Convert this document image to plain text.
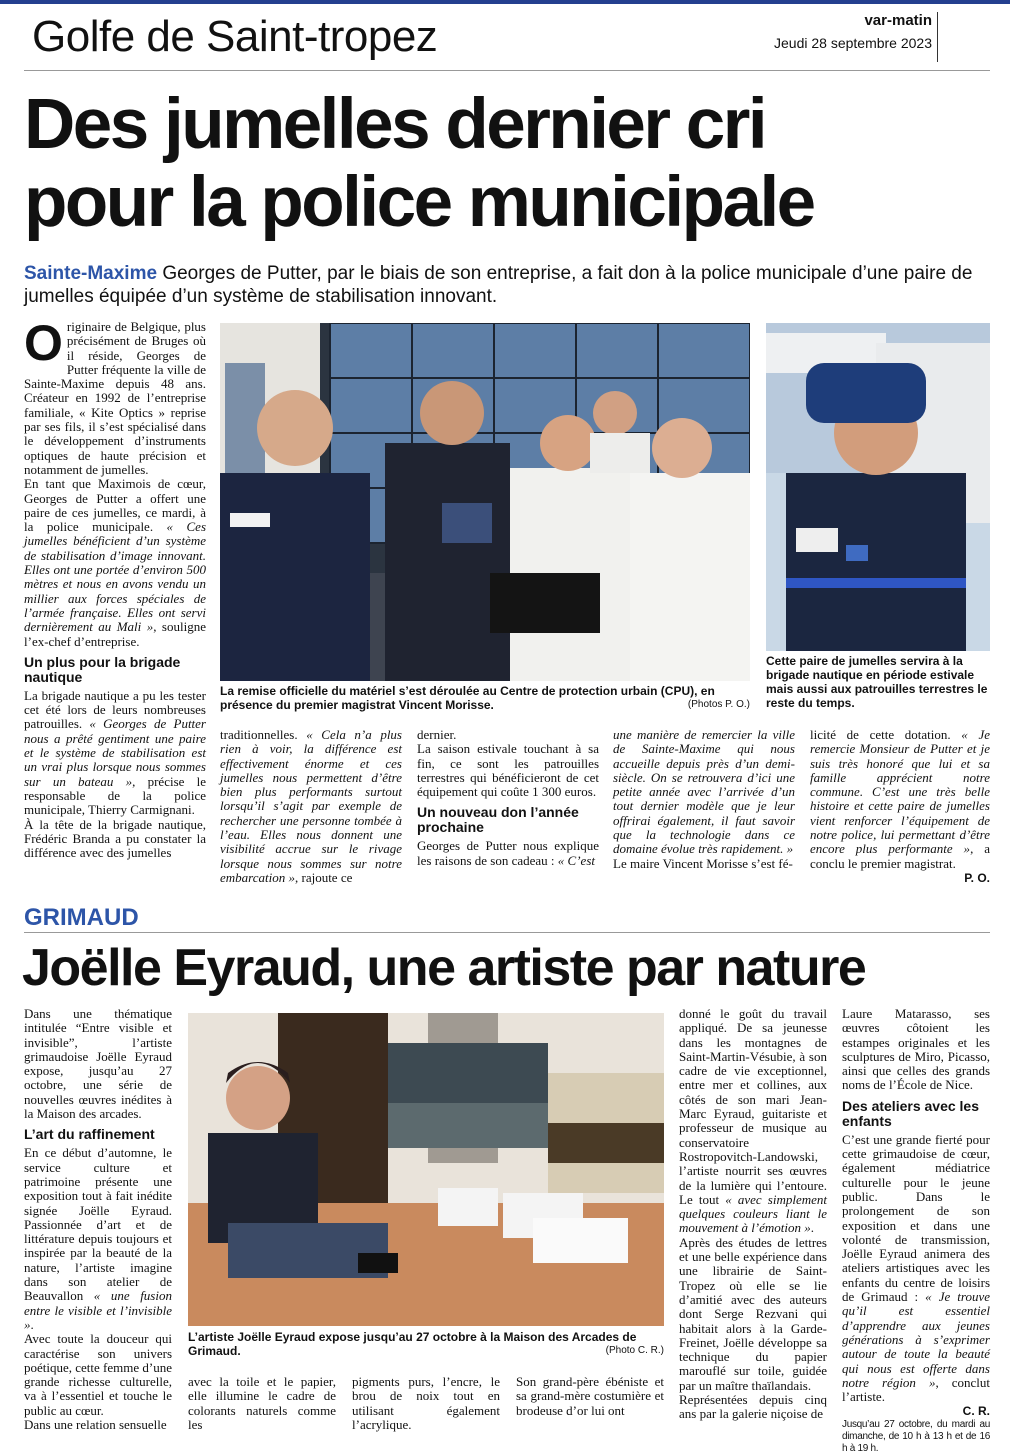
Golfe de Saint-tropez	var-matin
Jeudi 28 septembre 2023
Des jumelles dernier cri
pour la police municipale
Sainte-Maxime Georges de Putter, par le biais de son entreprise, a fait don à la police municipale d’une paire de jumelles équipée d’un système de stabilisation innovant.

Originaire de Belgique, plus précisément de Bruges où il réside, Georges de Putter fréquente la ville de Sainte-Maxime depuis 48 ans. Créateur en 1992 de l’entreprise familiale, « Kite Optics » reprise par ses fils, il s’est spécialisé dans le développement d’instruments optiques de haute précision et notamment de jumelles.

En tant que Maximois de cœur, Georges de Putter a offert une paire de ces jumelles, ce mardi, à la police municipale. « Ces jumelles bénéficient d’un système de stabilisation d’image innovant. Elles ont une portée d’environ 500 mètres et nous en avons vendu un millier aux forces spéciales de l’armée française. Elles ont servi dernièrement au Mali », souligne l’ex-chef d’entreprise.

Un plus pour la brigade nautique

La brigade nautique a pu les tester cet été lors de leurs nombreuses patrouilles. « Georges de Putter nous a prêté gentiment une paire et le système de stabilisation est un vrai plus lorsque nous sommes sur un bateau », précise le responsable de la police municipale, Thierry Carmignani.

À la tête de la brigade nautique, Frédéric Branda a pu constater la différence avec des jumelles

La remise officielle du matériel s’est déroulée au Centre de protection urbain (CPU), en présence du premier magistrat Vincent Morisse.	(Photos P. O.)
Cette paire de jumelles servira à la brigade nautique en période estivale mais aussi aux patrouilles terrestres le reste du temps.

traditionnelles. « Cela n’a plus rien à voir, la différence est effectivement énorme et ces jumelles nous permettent d’être bien plus performants surtout lorsqu’il s’agit par exemple de rechercher une personne tombée à l’eau. Elles nous donnent une visibilité accrue sur le rivage lorsque nous sommes sur notre embarcation », rajoute ce

dernier.

La saison estivale touchant à sa fin, ce sont les patrouilles terrestres qui bénéficieront de cet équipement qui coûte 1 300 euros.

Un nouveau don l’année prochaine

Georges de Putter nous explique les raisons de son cadeau : « C’est

une manière de remercier la ville de Sainte-Maxime qui nous accueille depuis près d’un demi-siècle. On se retrouvera d’ici une petite année avec l’arrivée d’un tout dernier modèle que je leur offrirai également, il faut savoir que la technologie dans ce domaine évolue très rapidement. »

Le maire Vincent Morisse s’est fé-

licité de cette dotation. « Je remercie Monsieur de Putter et je suis très honoré que lui et sa famille apprécient notre commune. C’est une très belle histoire et cette paire de jumelles vient renforcer l’équipement de notre police, lui permettant d’être encore plus performante », a conclu le premier magistrat.

P. O.
GRIMAUD
Joëlle Eyraud, une artiste par nature

Dans une thématique intitulée “Entre visible et invisible”, l’artiste grimaudoise Joëlle Eyraud expose, jusqu’au 27 octobre, une série de nouvelles œuvres inédites à la Maison des arcades.

L’art du raffinement

En ce début d’automne, le service culture et patrimoine présente une exposition tout à fait inédite signée Joëlle Eyraud. Passionnée d’art et de littérature depuis toujours et inspirée par la beauté de la nature, l’artiste imagine dans son atelier de Beauvallon « une fusion entre le visible et l’invisible ».

Avec toute la douceur qui caractérise son univers poétique, cette femme d’une grande richesse culturelle, va à l’essentiel et touche le public au cœur.

Dans une relation sensuelle

L’artiste Joëlle Eyraud expose jusqu’au 27 octobre à la Maison des Arcades de Grimaud.	(Photo C. R.)

avec la toile et le papier, elle illumine le cadre de colorants naturels comme les

pigments purs, l’encre, le brou de noix tout en utilisant également l’acrylique.

Son grand-père ébéniste et sa grand-mère costumière et brodeuse d’or lui ont

donné le goût du travail appliqué. De sa jeunesse dans les montagnes de Saint-Martin-Vésubie, à son cadre de vie exceptionnel, entre mer et collines, aux côtés de son mari Jean-Marc Eyraud, guitariste et professeur de musique au conservatoire Rostropovitch-Landowski, l’artiste nourrit ses œuvres de la lumière qui l’entoure. Le tout « avec simplement quelques couleurs liant le mouvement à l’émotion ».

Après des études de lettres et une belle expérience dans une librairie de Saint-Tropez où elle se lie d’amitié avec des auteurs dont Serge Rezvani qui habitait alors à la Garde-Freinet, Joëlle développe sa technique du papier marouflé sur toile, guidée par un maître thaïlandais.

Représentées depuis cinq ans par la galerie niçoise de

Laure Matarasso, ses œuvres côtoient les estampes originales et les sculptures de Miro, Picasso, ainsi que celles des grands noms de l’École de Nice.

Des ateliers avec les enfants

C’est une grande fierté pour cette grimaudoise de cœur, également médiatrice culturelle pour le jeune public. Dans le prolongement de son exposition et dans une volonté de transmission, Joëlle Eyraud animera des ateliers artistiques avec les enfants du centre de loisirs de Grimaud : « Je trouve qu’il est essentiel d’apprendre aux jeunes générations à s’exprimer autour de toute la beauté qui nous est offerte dans notre région », conclut l’artiste.

C. R.
Jusqu’au 27 octobre, du mardi au dimanche, de 10 h à 13 h et de 16 h à 19 h.
